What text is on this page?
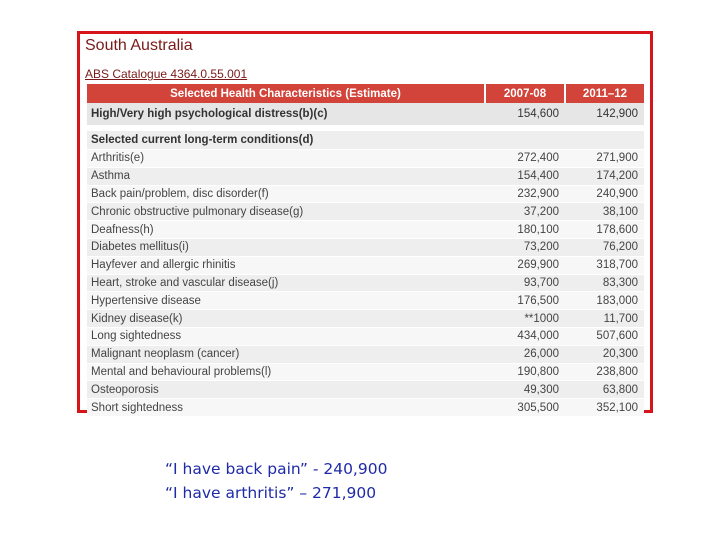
South Australia
ABS Catalogue 4364.0.55.001
Selected Health Characteristics (Estimate)	2007-08	2011–12
High/Very high psychological distress(b)(c)	154,600	142,900

Selected current long-term conditions(d)		
Arthritis(e)	272,400	271,900
Asthma	154,400	174,200
Back pain/problem, disc disorder(f)	232,900	240,900
Chronic obstructive pulmonary disease(g)	37,200	38,100
Deafness(h)	180,100	178,600
Diabetes mellitus(i)	73,200	76,200
Hayfever and allergic rhinitis	269,900	318,700
Heart, stroke and vascular disease(j)	93,700	83,300
Hypertensive disease	176,500	183,000
Kidney disease(k)	**1000	11,700
Long sightedness	434,000	507,600
Malignant neoplasm (cancer)	26,000	20,300
Mental and behavioural problems(l)	190,800	238,800
Osteoporosis	49,300	63,800
Short sightedness	305,500	352,100
“I have back pain” - 240,900
“I have arthritis” – 271,900
